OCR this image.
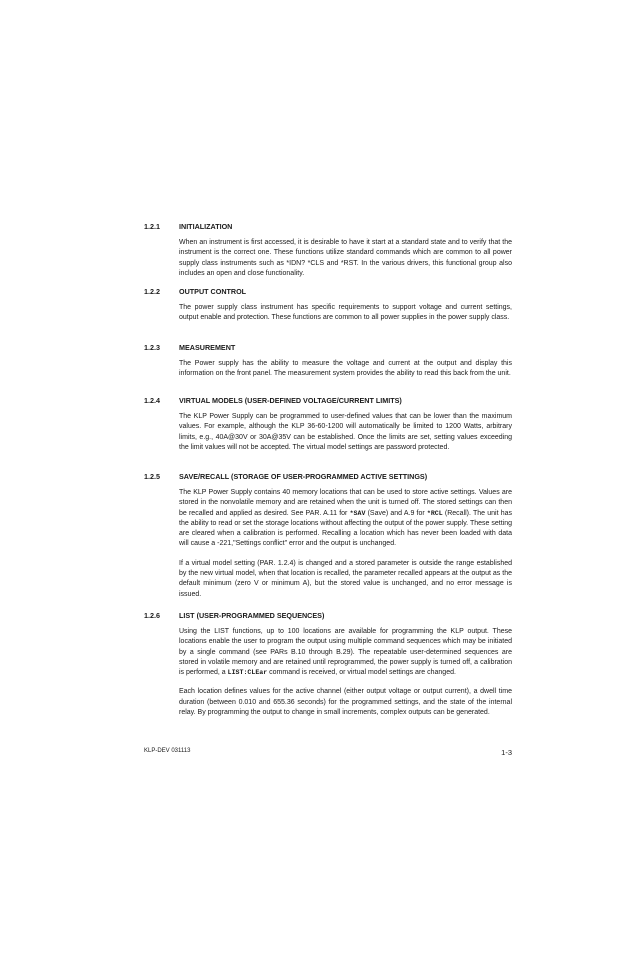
1.2.1	INITIALIZATION

When an instrument is first accessed, it is desirable to have it start at a standard state and to verify that the instrument is the correct one. These functions utilize standard commands which are common to all power supply class instruments such as *IDN? *CLS and *RST. In the various drivers, this functional group also includes an open and close functionality.

1.2.2	OUTPUT CONTROL

The power supply class instrument has specific requirements to support voltage and current settings, output enable and protection. These functions are common to all power supplies in the power supply class.

1.2.3	MEASUREMENT

The Power supply has the ability to measure the voltage and current at the output and display this information on the front panel. The measurement system provides the ability to read this back from the unit.

1.2.4	VIRTUAL MODELS (USER-DEFINED VOLTAGE/CURRENT LIMITS)

The KLP Power Supply can be programmed to user-defined values that can be lower than the maximum values. For example, although the KLP 36-60-1200 will automatically be limited to 1200 Watts, arbitrary limits, e.g., 40A@30V or 30A@35V can be established. Once the limits are set, setting values exceeding the limit values will not be accepted. The virtual model settings are password protected.

1.2.5	SAVE/RECALL (STORAGE OF USER-PROGRAMMED ACTIVE SETTINGS)

The KLP Power Supply contains 40 memory locations that can be used to store active settings. Values are stored in the nonvolatile memory and are retained when the unit is turned off. The stored settings can then be recalled and applied as desired. See PAR. A.11 for *SAV (Save) and A.9 for *RCL (Recall). The unit has the ability to read or set the storage locations without affecting the output of the power supply. These setting are cleared when a calibration is performed. Recalling a location which has never been loaded with data will cause a -221,"Settings conflict" error and the output is unchanged.

If a virtual model setting (PAR. 1.2.4) is changed and a stored parameter is outside the range established by the new virtual model, when that location is recalled, the parameter recalled appears at the output as the default minimum (zero V or minimum A), but the stored value is unchanged, and no error message is issued.

1.2.6	LIST (USER-PROGRAMMED SEQUENCES)

Using the LIST functions, up to 100 locations are available for programming the KLP output. These locations enable the user to program the output using multiple command sequences which may be initiated by a single command (see PARs B.10 through B.29). The repeatable user-determined sequences are stored in volatile memory and are retained until reprogrammed, the power supply is turned off, a calibration is performed, a LIST:CLEar command is received, or virtual model settings are changed.

Each location defines values for the active channel (either output voltage or output current), a dwell time duration (between 0.010 and 655.36 seconds) for the programmed settings, and the state of the internal relay. By programming the output to change in small increments, complex outputs can be generated.

KLP-DEV 031113	1-3
